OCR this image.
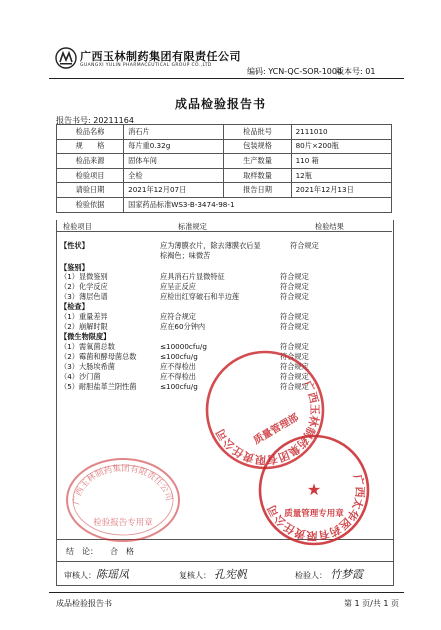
广西玉林制药集团有限责任公司
GUANGXI YULIN PHARMACEUTICAL GROUP CO.,LTD
编码: YCN-QC-SOR-1004
版本号: 01
成品检验报告书
报告书号: 20211164
检品名称	消石片	检品批号	2111010
规　　格	每片重0.32g	包装规格	80片×200瓶
检品来源	固体车间	生产数量	110 箱
检验项目	全检	取样数量	12瓶
请验日期	2021年12月07日	报告日期	2021年12月13日
检验依据	国家药品标准WS3-B-3474-98-1		
检验项目	标准规定	检验结果
【性状】	应为薄膜衣片，除去薄膜衣后显
棕褐色；味微苦
符合规定
【鉴别】
（1）显微鉴别	应具消石片显微特征	符合规定
（2）化学反应	应呈正反应	符合规定
（3）薄层色谱	应检出红穿破石和半边莲	符合规定
【检查】
（1）重量差异	应符合规定	符合规定
（2）崩解时限	应在60分钟内	符合规定
【微生物限度】
（1）需氧菌总数	≤10000cfu/g	符合规定
（2）霉菌和酵母菌总数	≤100cfu/g	符合规定
（3）大肠埃希菌	应不得检出	符合规定
（4）沙门菌	应不得检出	符合规定
（5）耐胆盐革兰阴性菌	≤100cfu/g	符合规定
广西玉林制药集团有限责任公司	质量管理部
广西玉林制药集团有限责任公司
检验报告专用章
广西太华医药有限责任公司
★
质量管理专用章
结　论： 合　格
审核人： 陈瑶凤	复核人： 孔宪帆	检验人： 竹梦霞
成品检验报告书	第 1 页/共 1 页
